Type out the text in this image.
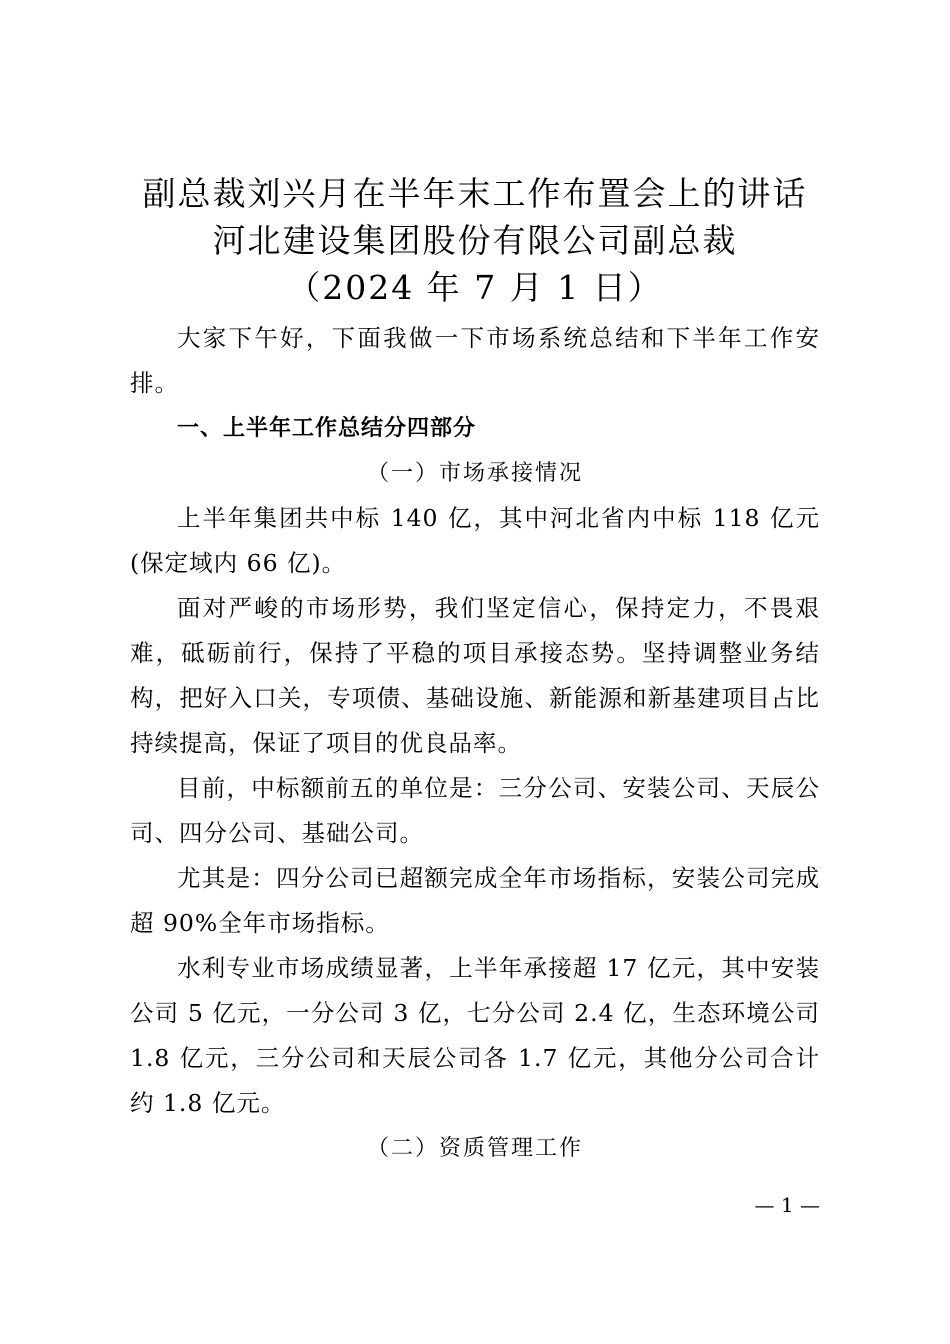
副总裁刘兴月在半年末工作布置会上的讲话
河北建设集团股份有限公司副总裁
（2024 年 7 月 1 日）

大家下午好，下面我做一下市场系统总结和下半年工作安排。

一、上半年工作总结分四部分

（一）市场承接情况

上半年集团共中标 140 亿，其中河北省内中标 118 亿元(保定域内 66 亿)。

面对严峻的市场形势，我们坚定信心，保持定力，不畏艰难，砥砺前行，保持了平稳的项目承接态势。坚持调整业务结构，把好入口关，专项债、基础设施、新能源和新基建项目占比持续提高，保证了项目的优良品率。

目前，中标额前五的单位是：三分公司、安装公司、天辰公司、四分公司、基础公司。

尤其是：四分公司已超额完成全年市场指标，安装公司完成超 90%全年市场指标。

水利专业市场成绩显著，上半年承接超 17 亿元，其中安装公司 5 亿元，一分公司 3 亿，七分公司 2.4 亿，生态环境公司 1.8 亿元，三分公司和天辰公司各 1.7 亿元，其他分公司合计约 1.8 亿元。

（二）资质管理工作

— 1 —
